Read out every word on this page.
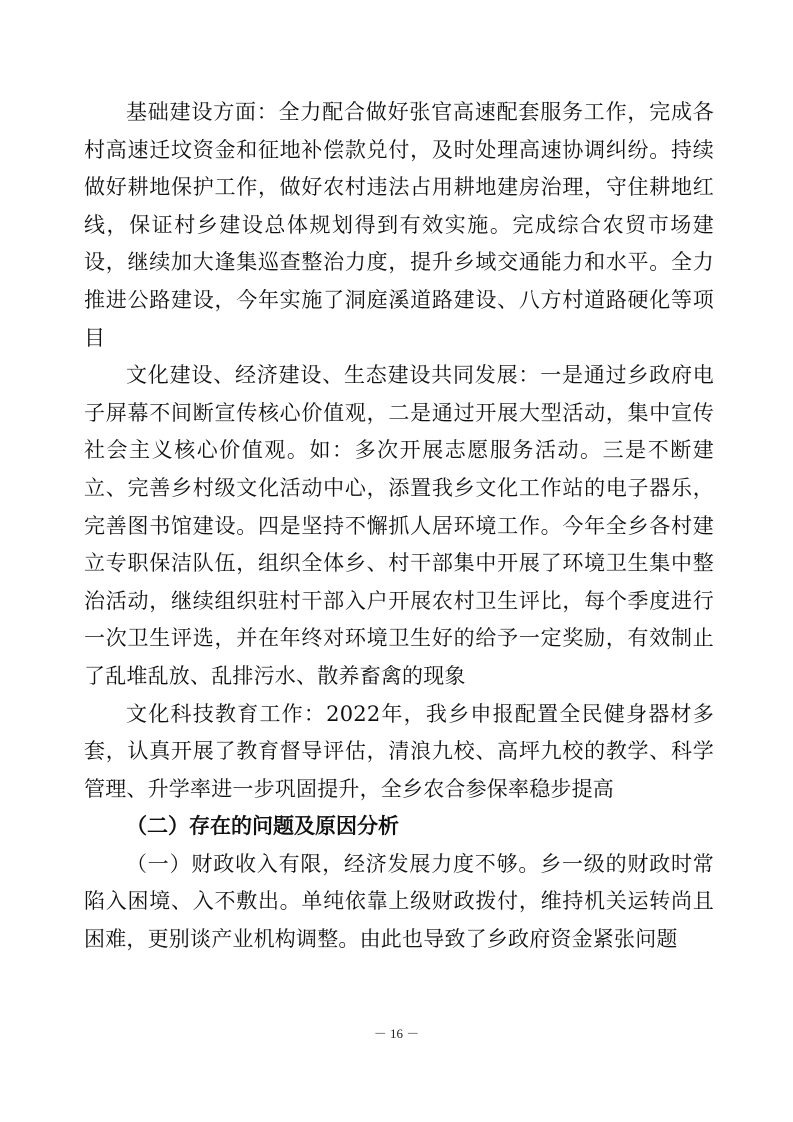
基础建设方面：全力配合做好张官高速配套服务工作，完成各村高速迁坟资金和征地补偿款兑付，及时处理高速协调纠纷。持续做好耕地保护工作，做好农村违法占用耕地建房治理，守住耕地红线，保证村乡建设总体规划得到有效实施。完成综合农贸市场建设，继续加大逢集巡查整治力度，提升乡域交通能力和水平。全力推进公路建设，今年实施了洞庭溪道路建设、八方村道路硬化等项目

文化建设、经济建设、生态建设共同发展：一是通过乡政府电子屏幕不间断宣传核心价值观，二是通过开展大型活动，集中宣传社会主义核心价值观。如：多次开展志愿服务活动。三是不断建立、完善乡村级文化活动中心，添置我乡文化工作站的电子器乐，完善图书馆建设。四是坚持不懈抓人居环境工作。今年全乡各村建立专职保洁队伍，组织全体乡、村干部集中开展了环境卫生集中整治活动，继续组织驻村干部入户开展农村卫生评比，每个季度进行一次卫生评选，并在年终对环境卫生好的给予一定奖励，有效制止了乱堆乱放、乱排污水、散养畜禽的现象

文化科技教育工作：2022年，我乡申报配置全民健身器材多套，认真开展了教育督导评估，清浪九校、高坪九校的教学、科学管理、升学率进一步巩固提升，全乡农合参保率稳步提高

（二）存在的问题及原因分析

（一）财政收入有限，经济发展力度不够。乡一级的财政时常陷入困境、入不敷出。单纯依靠上级财政拨付，维持机关运转尚且困难，更别谈产业机构调整。由此也导致了乡政府资金紧张问题

－ 16 －
